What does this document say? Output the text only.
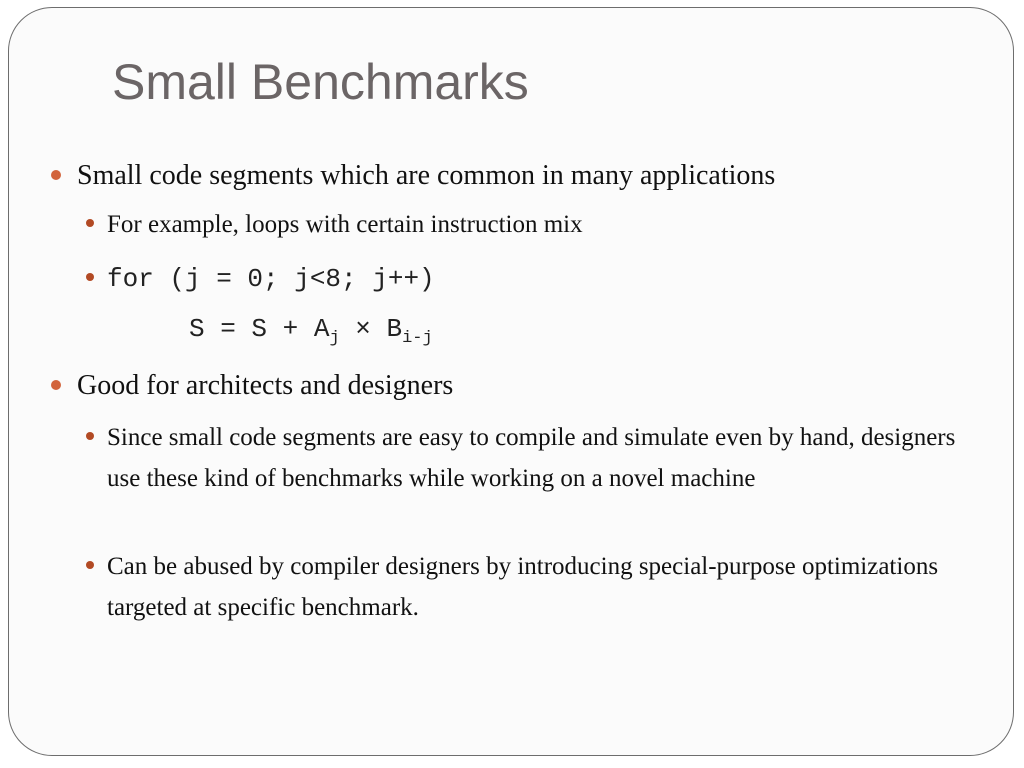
Small Benchmarks
Small code segments which are common in many applications
For example, loops with certain instruction mix
for (j = 0; j<8; j++)
$S = S + A_j \times B_{i-j}$
Good for architects and designers
Since small code segments are easy to compile and simulate even by hand, designers use these kind of benchmarks while working on a novel machine
Can be abused by compiler designers by introducing special-purpose optimizations targeted at specific benchmark.
